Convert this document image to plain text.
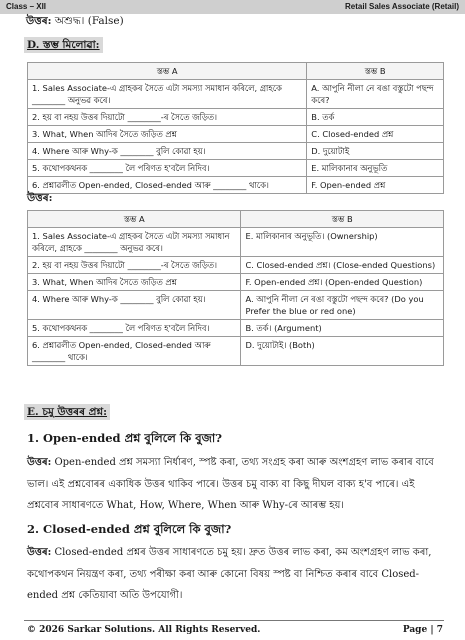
Class – XII	Retail Sales Associate (Retail)
উত্তৰ: অশুদ্ধ। (False)
D. স্তম্ভ মিলোৱা:
স্তম্ভ A	স্তম্ভ B
1. Sales Associate-এ গ্ৰাহকৰ সৈতে এটা সমস্যা সমাধান কৰিলে, গ্ৰাহকে ________ অনুভৱ কৰে।	A. আপুনি নীলা নে ৰঙা বস্তুটো পছন্দ কৰে?
2. হয় বা নহয় উত্তৰ দিয়াটো ________-ৰ সৈতে জড়িত।	B. তৰ্ক
3. What, When আদিৰ সৈতে জড়িত প্ৰশ্ন	C. Closed-ended প্ৰশ্ন
4. Where আৰু Why-ক ________ বুলি কোৱা হয়।	D. দুয়োটাই
5. কথোপকথনক ________ লৈ পৰিণত হ'বলৈ নিদিব।	E. মালিকানাৰ অনুভূতি
6. প্ৰশ্নাৱলীত Open-ended, Closed-ended আৰু ________ থাকে।	F. Open-ended প্ৰশ্ন
উত্তৰ:
স্তম্ভ A	স্তম্ভ B
1. Sales Associate-এ গ্ৰাহকৰ সৈতে এটা সমস্যা সমাধান কৰিলে, গ্ৰাহকে ________ অনুভৱ কৰে।	E. মালিকানাৰ অনুভূতি। (Ownership)
2. হয় বা নহয় উত্তৰ দিয়াটো ________-ৰ সৈতে জড়িত।	C. Closed-ended প্ৰশ্ন। (Close-ended Questions)
3. What, When আদিৰ সৈতে জড়িত প্ৰশ্ন	F. Open-ended প্ৰশ্ন। (Open-ended Question)
4. Where আৰু Why-ক ________ বুলি কোৱা হয়।	A. আপুনি নীলা নে ৰঙা বস্তুটো পছন্দ কৰে? (Do you Prefer the blue or red one)
5. কথোপকথনক ________ লৈ পৰিণত হ'বলৈ নিদিব।	B. তৰ্ক। (Argument)
6. প্ৰশ্নাৱলীত Open-ended, Closed-ended আৰু ________ থাকে।	D. দুয়োটাই। (Both)
E. চমু উত্তৰৰ প্ৰশ্ন:
1. Open-ended প্ৰশ্ন বুলিলে কি বুজা?
উত্তৰ: Open-ended প্ৰশ্ন সমস্যা নিৰ্ধাৰণ, স্পষ্ট কৰা, তথ্য সংগ্ৰহ কৰা আৰু অংশগ্ৰহণ লাভ কৰাৰ বাবে ভাল। এই প্ৰশ্নবোৰৰ একাধিক উত্তৰ থাকিব পাৰে। উত্তৰ চমু বাক্য বা কিছু দীঘল বাক্য হ'ব পাৰে। এই প্ৰশ্নবোৰ সাধাৰণতে What, How, Where, When আৰু Why-ৰে আৰম্ভ হয়।
2. Closed-ended প্ৰশ্ন বুলিলে কি বুজা?
উত্তৰ: Closed-ended প্ৰশ্নৰ উত্তৰ সাধাৰণতে চমু হয়। দ্ৰুত উত্তৰ লাভ কৰা, কম অংশগ্ৰহণ লাভ কৰা, কথোপকথন নিয়ন্ত্ৰণ কৰা, তথ্য পৰীক্ষা কৰা আৰু কোনো বিষয় স্পষ্ট বা নিশ্চিত কৰাৰ বাবে Closed-ended প্ৰশ্ন কেতিয়াবা অতি উপযোগী।
© 2026 Sarkar Solutions. All Rights Reserved.	Page | 7
